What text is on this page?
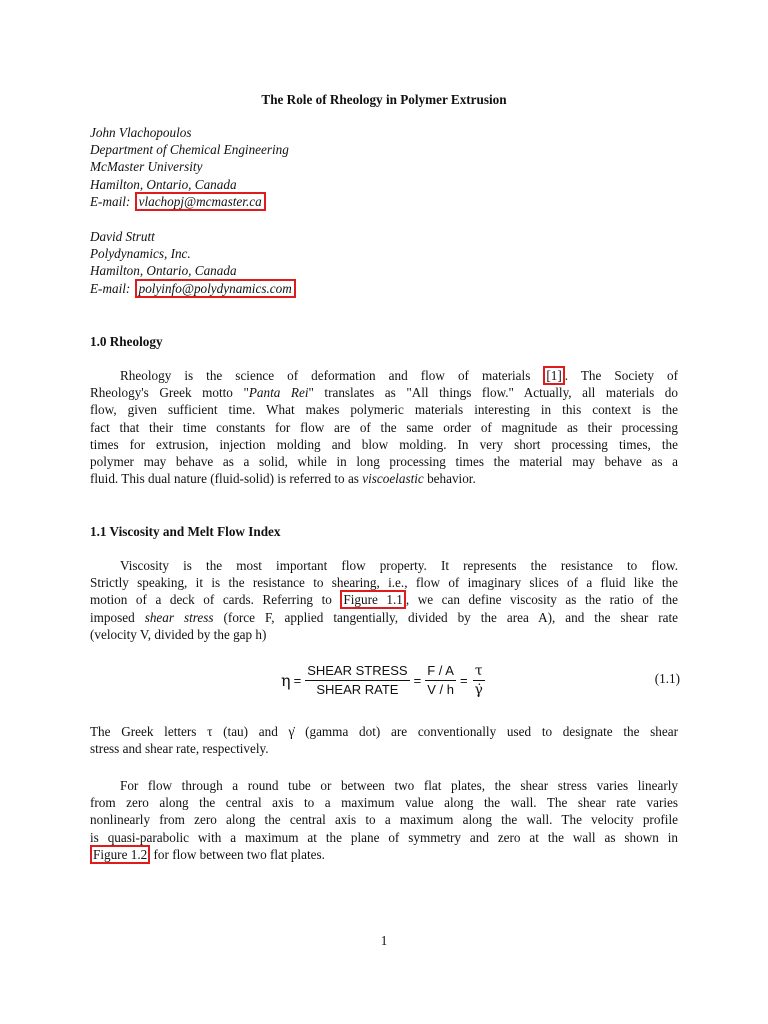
The Role of Rheology in Polymer Extrusion
John Vlachopoulos
Department of Chemical Engineering
McMaster University
Hamilton, Ontario, Canada
E-mail: vlachopj@mcmaster.ca
David Strutt
Polydynamics, Inc.
Hamilton, Ontario, Canada
E-mail: polyinfo@polydynamics.com
1.0 Rheology
Rheology is the science of deformation and flow of materials [1] . The Society of
Rheology's Greek motto "Panta Rei" translates as "All things flow." Actually, all materials do
flow, given sufficient time. What makes polymeric materials interesting in this context is the
fact that their time constants for flow are of the same order of magnitude as their processing
times for extrusion, injection molding and blow molding. In very short processing times, the
polymer may behave as a solid, while in long processing times the material may behave as a
fluid. This dual nature (fluid-solid) is referred to as viscoelastic behavior.
1.1 Viscosity and Melt Flow Index
Viscosity is the most important flow property. It represents the resistance to flow.
Strictly speaking, it is the resistance to shearing, i.e., flow of imaginary slices of a fluid like the
motion of a deck of cards. Referring to Figure 1.1 , we can define viscosity as the ratio of the
imposed shear stress (force F, applied tangentially, divided by the area A), and the shear rate
(velocity V, divided by the gap h)
$\eta = \frac{\text{SHEAR STRESS}}{\text{SHEAR RATE}} = \frac{F / A}{V / h} = \frac{\tau}{\gammȧ}$	(1.1)
The Greek letters τ (tau) and γ̇ (gamma dot) are conventionally used to designate the shear
stress and shear rate, respectively.
For flow through a round tube or between two flat plates, the shear stress varies linearly
from zero along the central axis to a maximum value along the wall. The shear rate varies
nonlinearly from zero along the central axis to a maximum along the wall. The velocity profile
is quasi-parabolic with a maximum at the plane of symmetry and zero at the wall as shown in
Figure 1.2 for flow between two flat plates.
1
